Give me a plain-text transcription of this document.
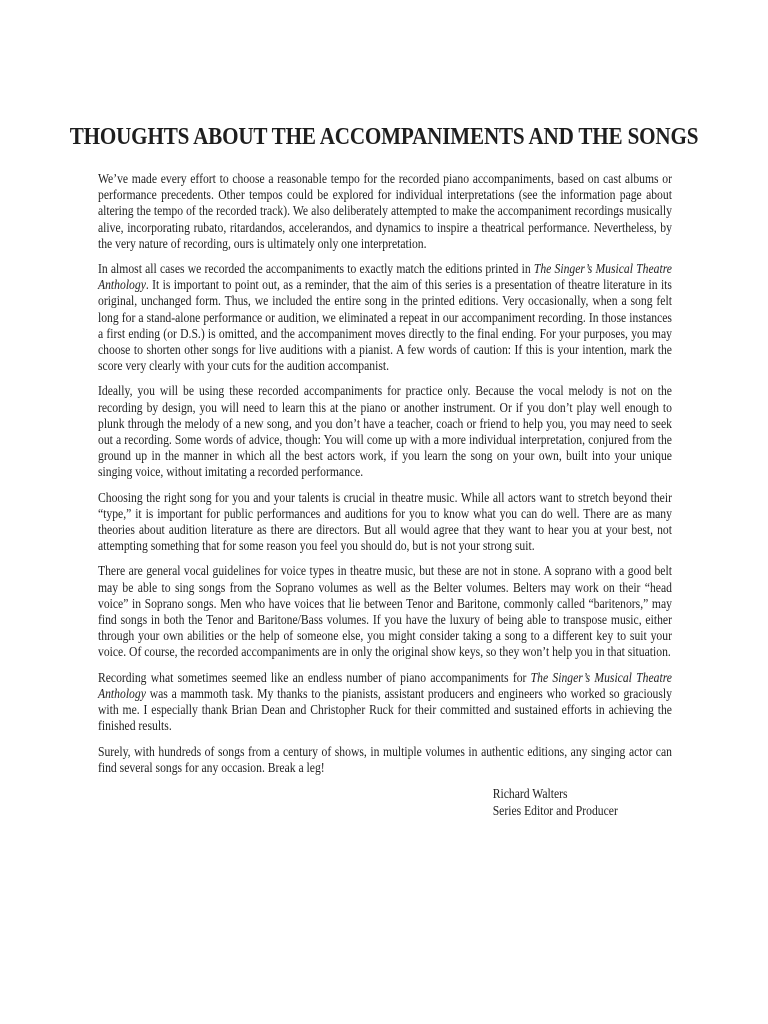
THOUGHTS ABOUT THE ACCOMPANIMENTS AND THE SONGS

We’ve made every effort to choose a reasonable tempo for the recorded piano accompaniments, based on cast albums or performance precedents. Other tempos could be explored for individual interpretations (see the information page about altering the tempo of the recorded track). We also deliberately attempted to make the accompaniment recordings musically alive, incorporating rubato, ritardandos, accelerandos, and dynamics to inspire a theatrical performance. Nevertheless, by the very nature of recording, ours is ultimately only one interpretation.

In almost all cases we recorded the accompaniments to exactly match the editions printed in The Singer’s Musical Theatre Anthology. It is important to point out, as a reminder, that the aim of this series is a presentation of theatre literature in its original, unchanged form. Thus, we included the entire song in the printed editions. Very occasionally, when a song felt long for a stand-alone performance or audition, we eliminated a repeat in our accompaniment recording. In those instances a first ending (or D.S.) is omitted, and the accompaniment moves directly to the final ending. For your purposes, you may choose to shorten other songs for live auditions with a pianist. A few words of caution: If this is your intention, mark the score very clearly with your cuts for the audition accompanist.

Ideally, you will be using these recorded accompaniments for practice only. Because the vocal melody is not on the recording by design, you will need to learn this at the piano or another instrument. Or if you don’t play well enough to plunk through the melody of a new song, and you don’t have a teacher, coach or friend to help you, you may need to seek out a recording. Some words of advice, though: You will come up with a more individual interpretation, conjured from the ground up in the manner in which all the best actors work, if you learn the song on your own, built into your unique singing voice, without imitating a recorded performance.

Choosing the right song for you and your talents is crucial in theatre music. While all actors want to stretch beyond their “type,” it is important for public performances and auditions for you to know what you can do well. There are as many theories about audition literature as there are directors. But all would agree that they want to hear you at your best, not attempting something that for some reason you feel you should do, but is not your strong suit.

There are general vocal guidelines for voice types in theatre music, but these are not in stone. A soprano with a good belt may be able to sing songs from the Soprano volumes as well as the Belter volumes. Belters may work on their “head voice” in Soprano songs. Men who have voices that lie between Tenor and Baritone, commonly called “baritenors,” may find songs in both the Tenor and Baritone/Bass volumes. If you have the luxury of being able to transpose music, either through your own abilities or the help of someone else, you might consider taking a song to a different key to suit your voice. Of course, the recorded accompaniments are in only the original show keys, so they won’t help you in that situation.

Recording what sometimes seemed like an endless number of piano accompaniments for The Singer’s Musical Theatre Anthology was a mammoth task. My thanks to the pianists, assistant producers and engineers who worked so graciously with me. I especially thank Brian Dean and Christopher Ruck for their committed and sustained efforts in achieving the finished results.

Surely, with hundreds of songs from a century of shows, in multiple volumes in authentic editions, any singing actor can find several songs for any occasion. Break a leg!

Richard Walters
Series Editor and Producer
